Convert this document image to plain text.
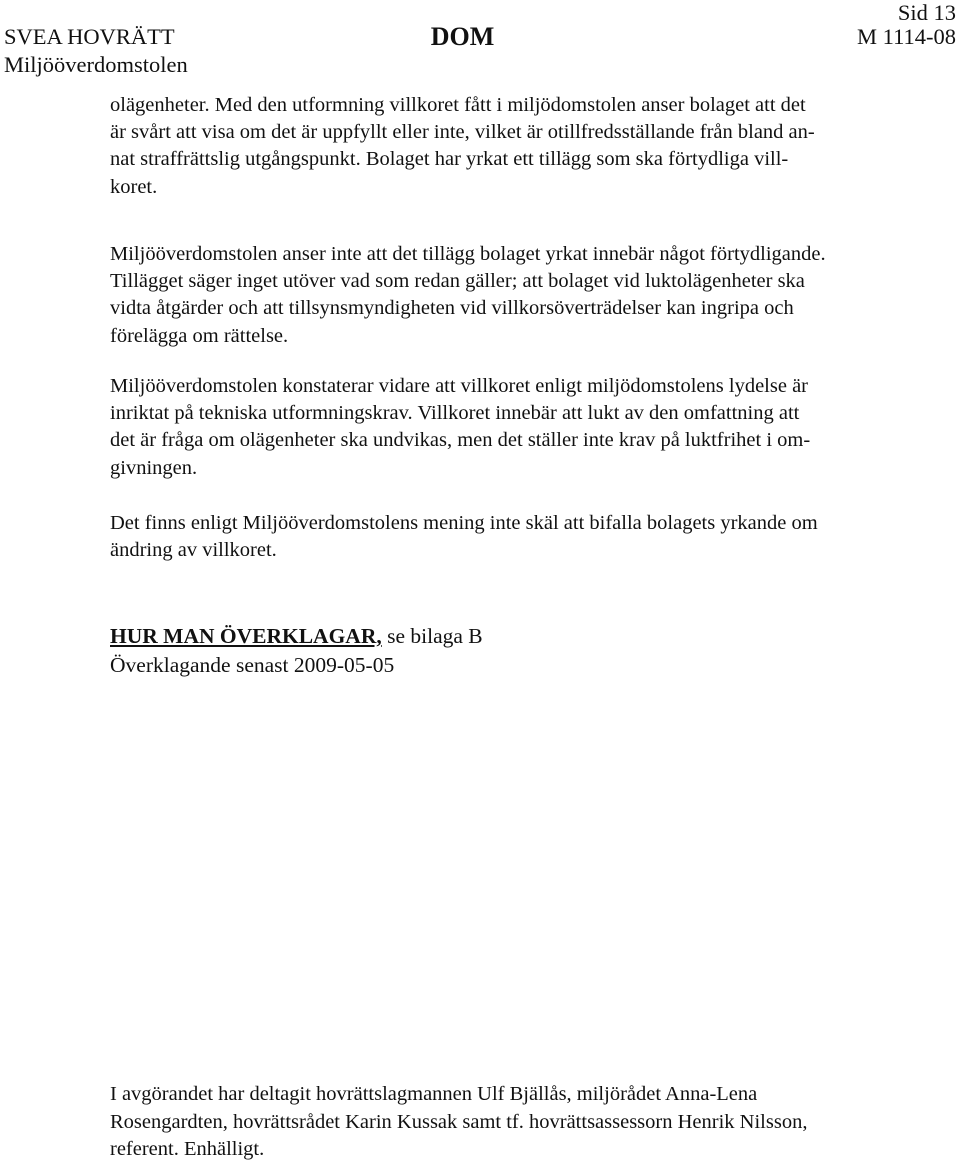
SVEA HOVRÄTT
Miljööverdomstolen
DOM
Sid 13
M 1114-08

olägenheter. Med den utformning villkoret fått i miljödomstolen anser bolaget att det
är svårt att visa om det är uppfyllt eller inte, vilket är otillfredsställande från bland an-
nat straffrättslig utgångspunkt. Bolaget har yrkat ett tillägg som ska förtydliga vill-
koret.

Miljööverdomstolen anser inte att det tillägg bolaget yrkat innebär något förtydligande.
Tillägget säger inget utöver vad som redan gäller; att bolaget vid luktolägenheter ska
vidta åtgärder och att tillsynsmyndigheten vid villkorsöverträdelser kan ingripa och
förelägga om rättelse.

Miljööverdomstolen konstaterar vidare att villkoret enligt miljödomstolens lydelse är
inriktat på tekniska utformningskrav. Villkoret innebär att lukt av den omfattning att
det är fråga om olägenheter ska undvikas, men det ställer inte krav på luktfrihet i om-
givningen.

Det finns enligt Miljööverdomstolens mening inte skäl att bifalla bolagets yrkande om
ändring av villkoret.

HUR MAN ÖVERKLAGAR, se bilaga B
Överklagande senast 2009-05-05

I avgörandet har deltagit hovrättslagmannen Ulf Bjällås, miljörådet Anna-Lena
Rosengardten, hovrättsrådet Karin Kussak samt tf. hovrättsassessorn Henrik Nilsson,
referent. Enhälligt.
